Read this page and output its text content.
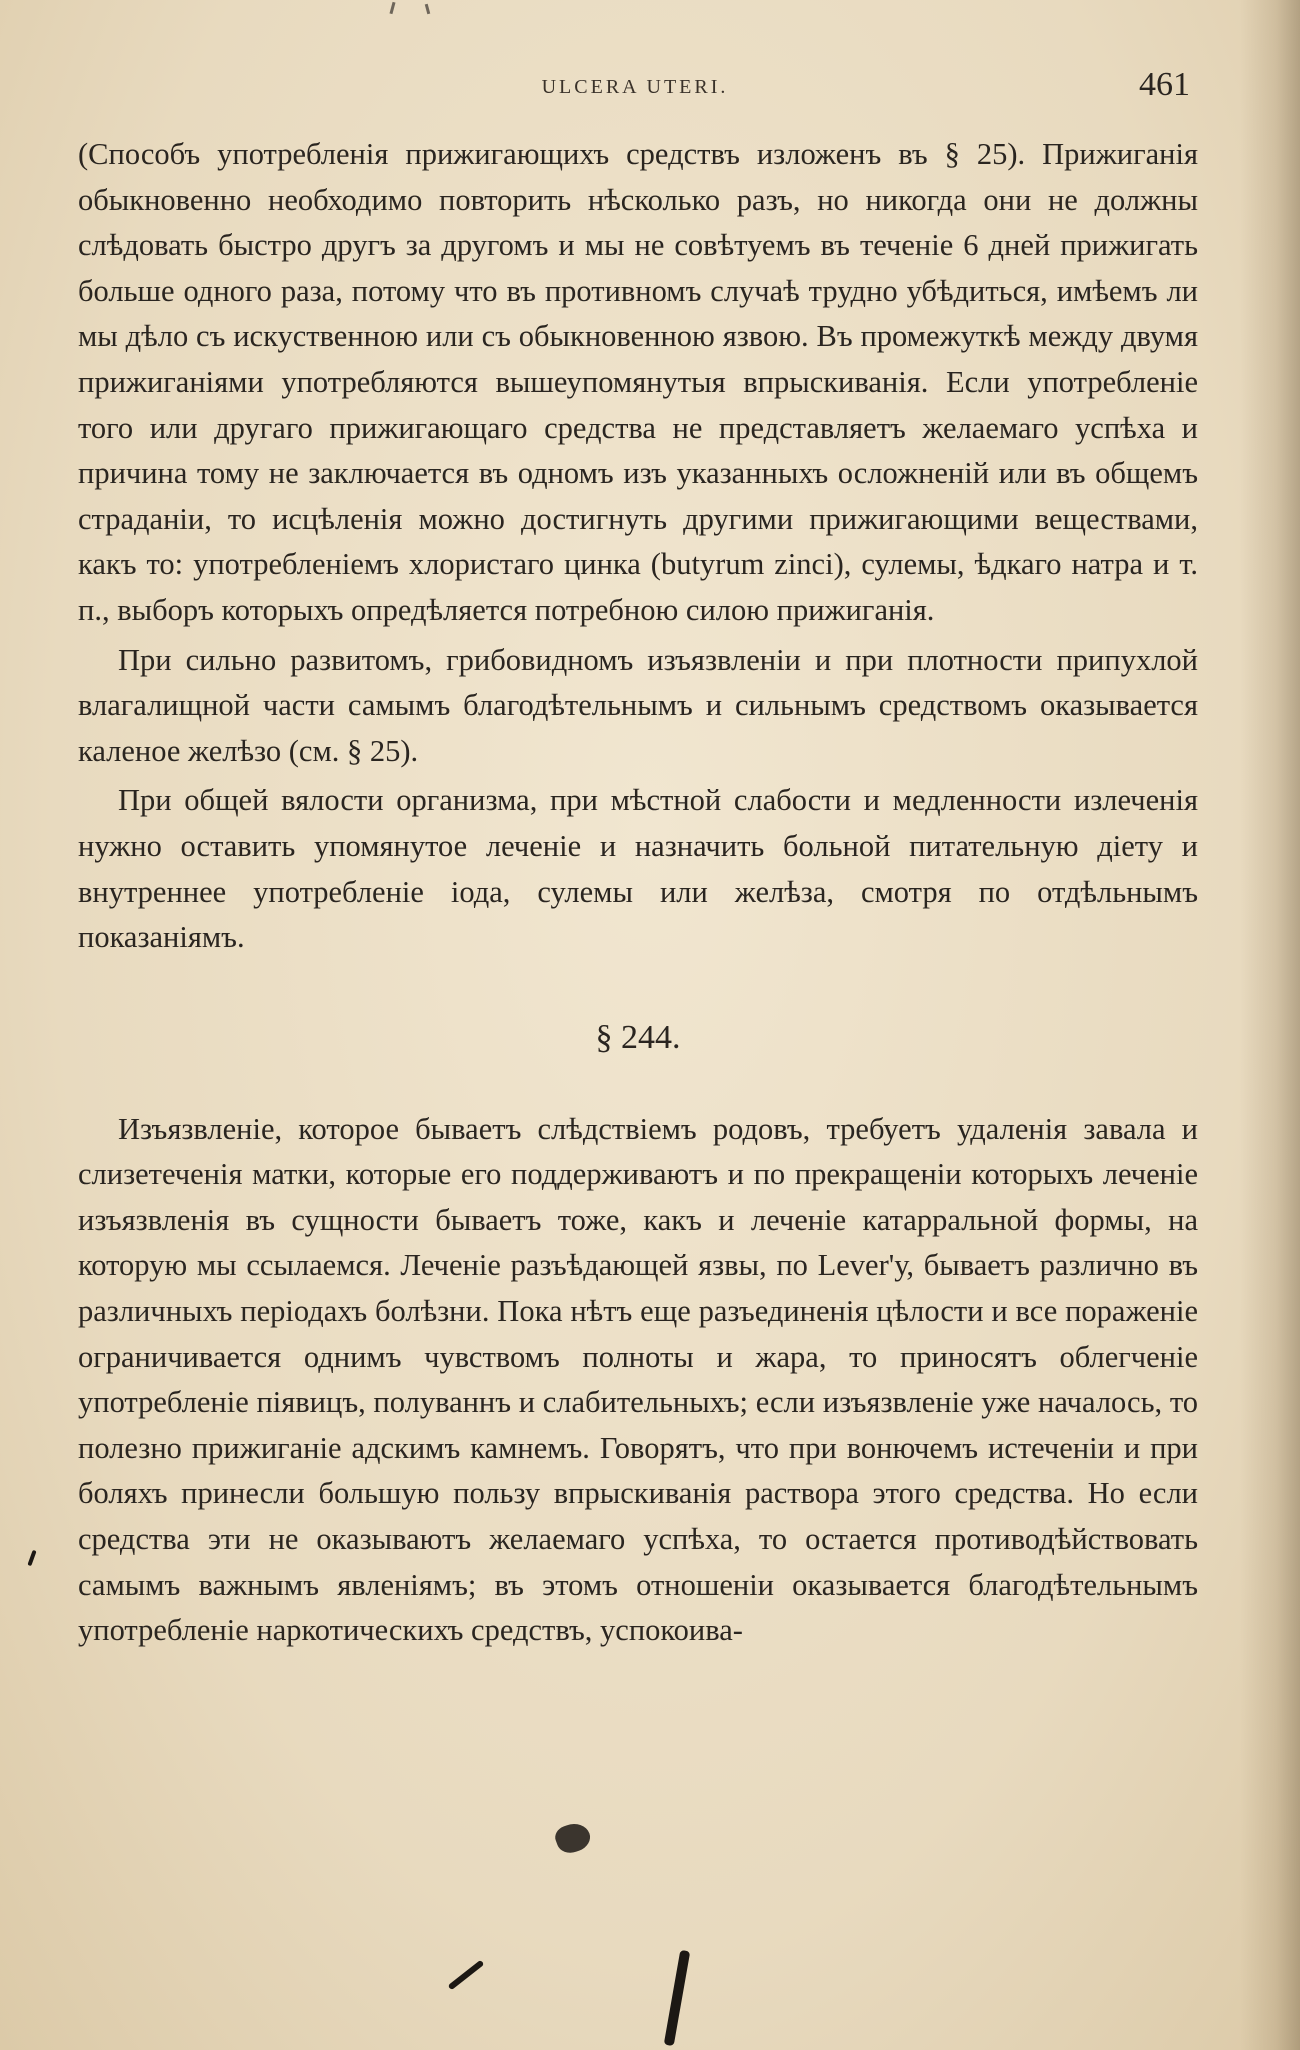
ULCERA UTERI.	461

(Способъ употребленія прижигающихъ средствъ изложенъ въ § 25). Прижиганія обыкновенно необходимо повторить нѣсколько разъ, но никогда они не должны слѣдовать быстро другъ за другомъ и мы не совѣтуемъ въ теченіе 6 дней прижигать больше одного раза, потому что въ противномъ случаѣ трудно убѣдиться, имѣемъ ли мы дѣло съ искуственною или съ обыкновенною язвою. Въ промежуткѣ между двумя прижиганіями употребляются вышеупомянутыя впрыскиванія. Если употребленіе того или другаго прижигающаго средства не представляетъ желаемаго успѣха и причина тому не заключается въ одномъ изъ указанныхъ осложненій или въ общемъ страданіи, то исцѣленія можно достигнуть другими прижигающими веществами, какъ то: употребленіемъ хлористаго цинка (butyrum zinci), сулемы, ѣдкаго натра и т. п., выборъ которыхъ опредѣляется потребною силою прижиганія.

При сильно развитомъ, грибовидномъ изъязвленіи и при плотности припухлой влагалищной части самымъ благодѣтельнымъ и сильнымъ средствомъ оказывается каленое желѣзо (см. § 25).

При общей вялости организма, при мѣстной слабости и медленности излеченія нужно оставить упомянутое леченіе и назначить больной питательную діету и внутреннее употребленіе іода, сулемы или желѣза, смотря по отдѣльнымъ показаніямъ.

§ 244.

Изъязвленіе, которое бываетъ слѣдствіемъ родовъ, требуетъ удаленія завала и слизетеченія матки, которые его поддерживаютъ и по прекращеніи которыхъ леченіе изъязвленія въ сущности бываетъ тоже, какъ и леченіе катарральной формы, на которую мы ссылаемся. Леченіе разъѣдающей язвы, по Lever'у, бываетъ различно въ различныхъ періодахъ болѣзни. Пока нѣтъ еще разъединенія цѣлости и все пораженіе ограничивается однимъ чувствомъ полноты и жара, то приносятъ облегченіе употребленіе піявицъ, полуваннъ и слабительныхъ; если изъязвленіе уже началось, то полезно прижиганіе адскимъ камнемъ. Говорятъ, что при вонючемъ истеченіи и при боляхъ принесли большую пользу впрыскиванія раствора этого средства. Но если средства эти не оказываютъ желаемаго успѣха, то остается противодѣйствовать самымъ важнымъ явленіямъ; въ этомъ отношеніи оказывается благодѣтельнымъ употребленіе наркотическихъ средствъ, успокоива-
